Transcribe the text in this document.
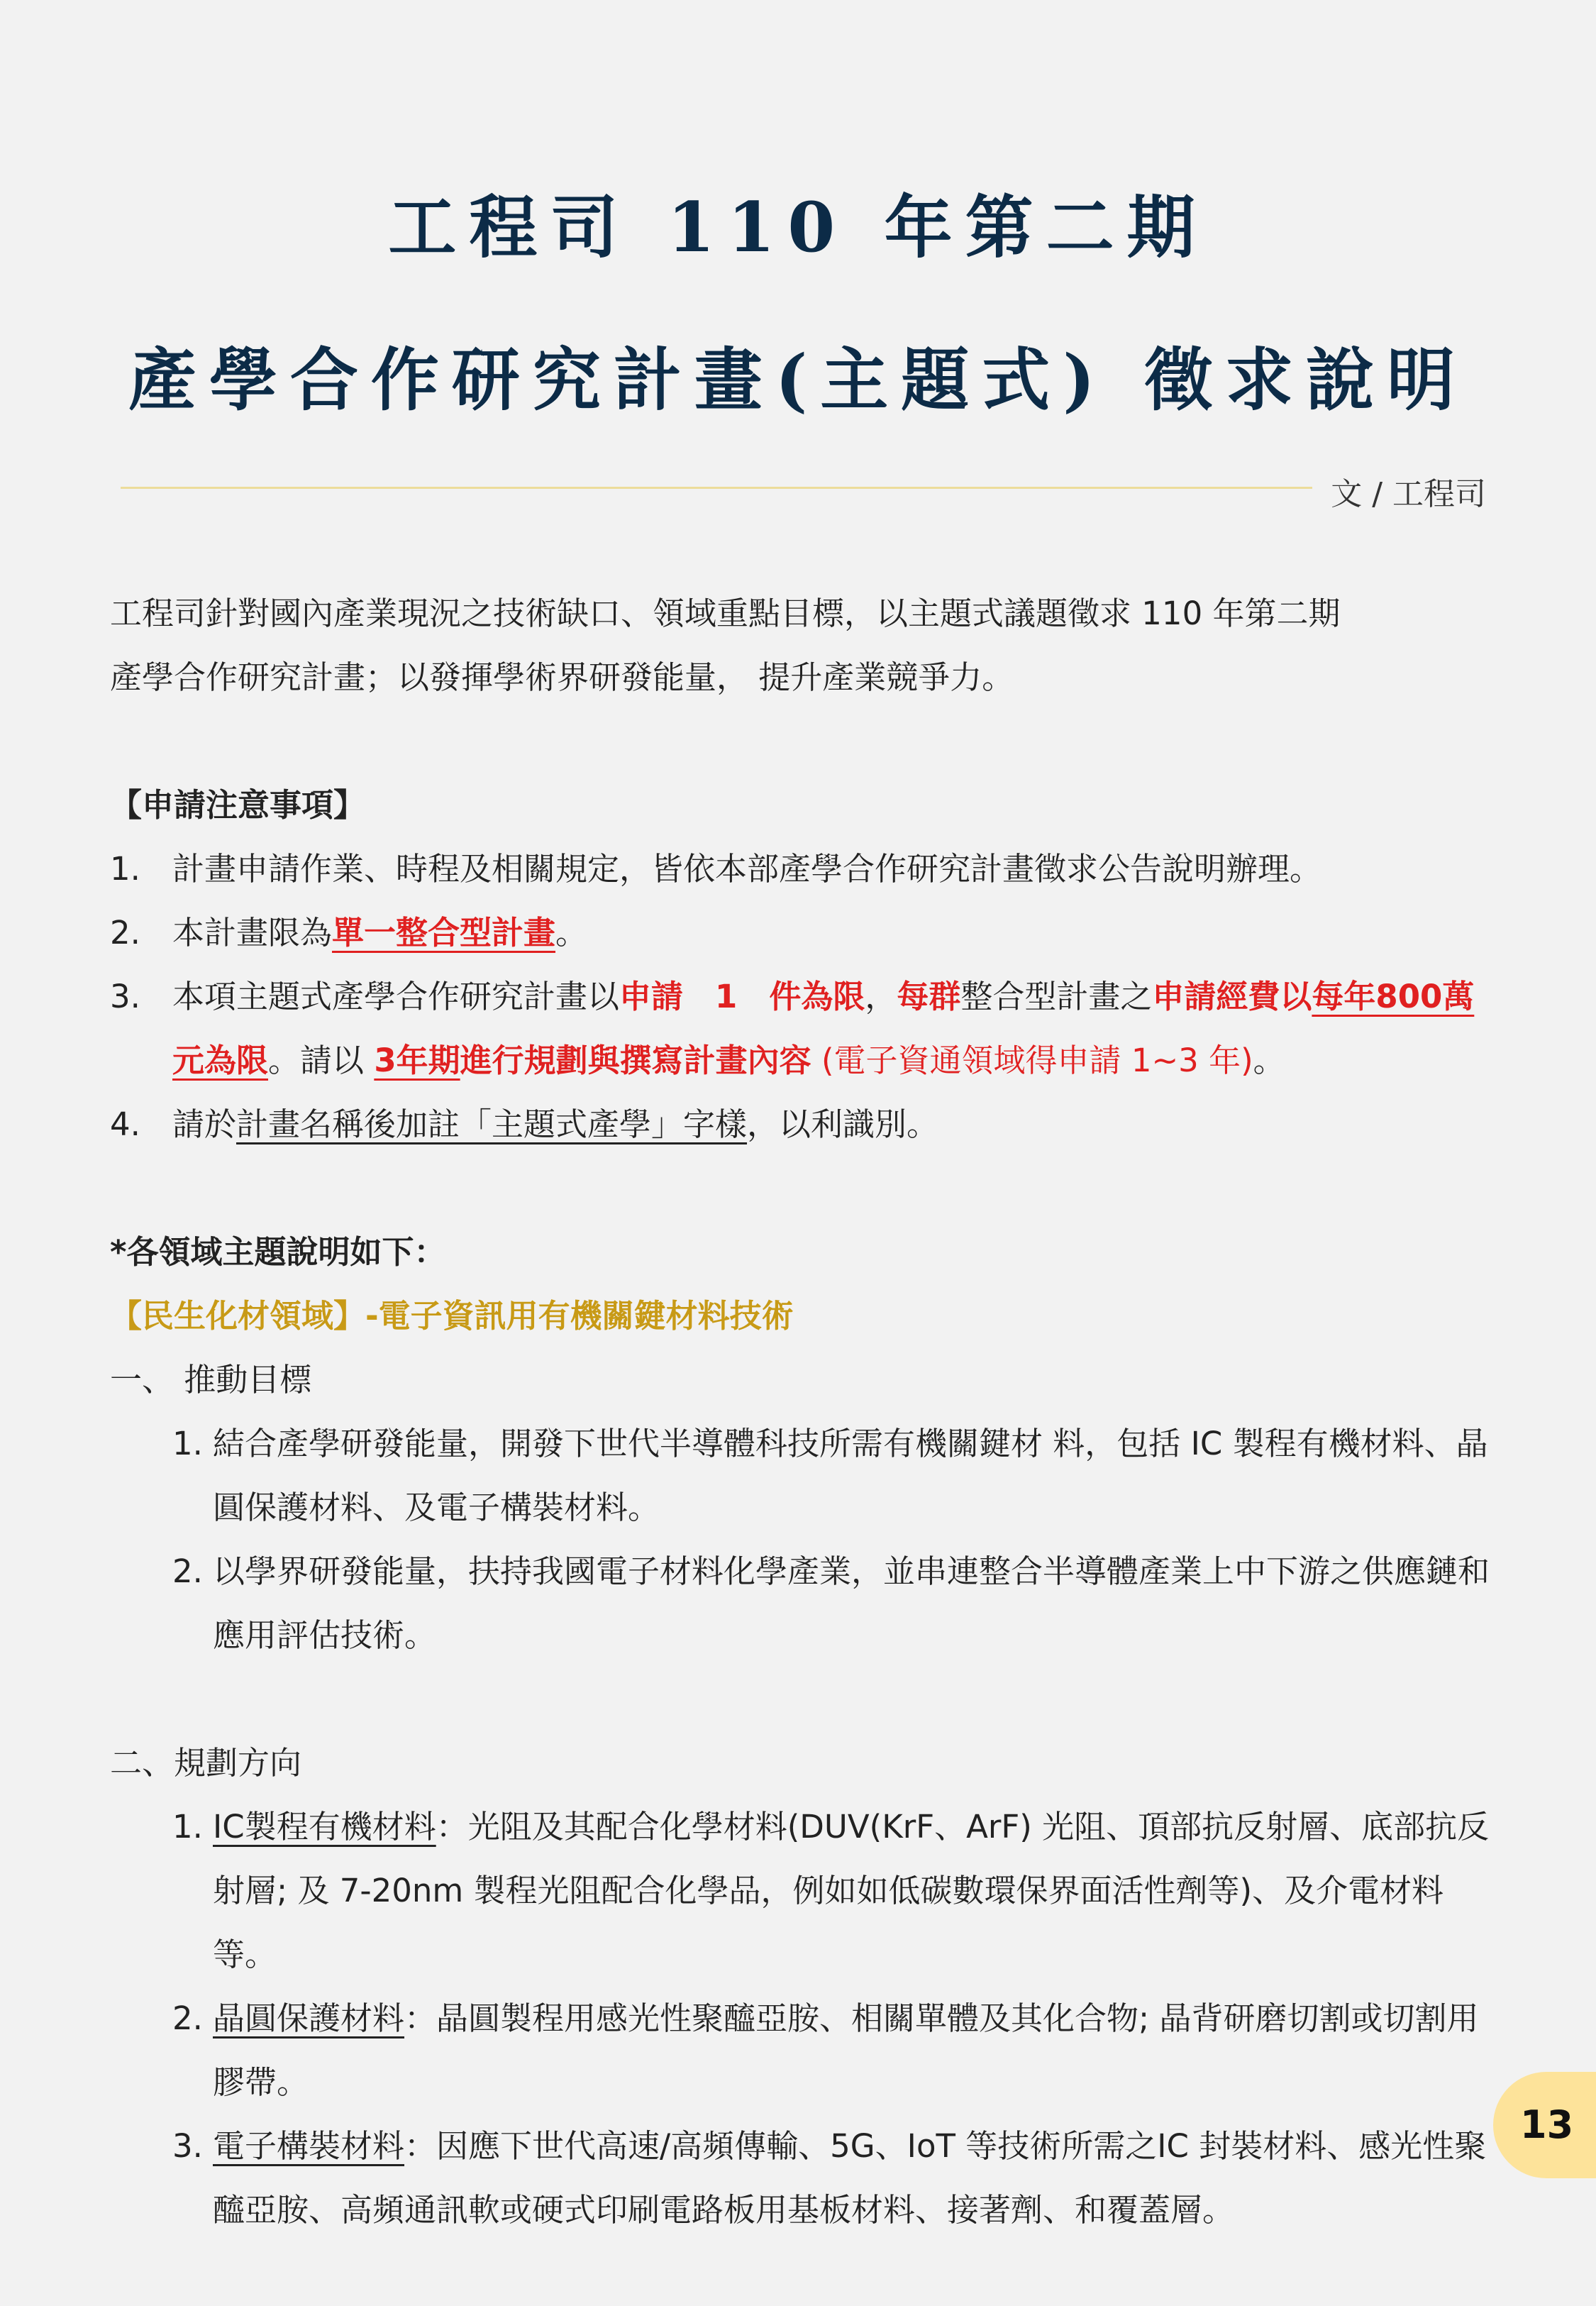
工程司 110 年第二期
產學合作研究計畫(主題式) 徵求說明
文 / 工程司

工程司針對國內產業現況之技術缺口、領域重點目標，以主題式議題徵求 110 年第二期

產學合作研究計畫；以發揮學術界研發能量， 提升產業競爭力。

【申請注意事項】

1. 計畫申請作業、時程及相關規定，皆依本部產學合作研究計畫徵求公告說明辦理。
2. 本計畫限為單一整合型計畫。
3. 本項主題式產學合作研究計畫以申請　1　件為限，每群整合型計畫之申請經費以每年800萬元為限。請以 3年期進行規劃與撰寫計畫內容 (電子資通領域得申請 1~3 年)。
4. 請於計畫名稱後加註「主題式產學」字樣，以利識別。

*各領域主題說明如下：

【民生化材領域】-電子資訊用有機關鍵材料技術

一、 推動目標

1. 結合產學研發能量，開發下世代半導體科技所需有機關鍵材 料，包括 IC 製程有機材料、晶圓保護材料、及電子構裝材料。
2. 以學界研發能量，扶持我國電子材料化學產業，並串連整合半導體產業上中下游之供應鏈和應用評估技術。

二、規劃方向

1. IC製程有機材料：光阻及其配合化學材料(DUV(KrF、ArF) 光阻、頂部抗反射層、底部抗反射層; 及 7-20nm 製程光阻配合化學品，例如如低碳數環保界面活性劑等)、及介電材料等。
2. 晶圓保護材料：晶圓製程用感光性聚醯亞胺、相關單體及其化合物; 晶背研磨切割或切割用膠帶。
3. 電子構裝材料：因應下世代高速/高頻傳輸、5G、IoT 等技術所需之IC 封裝材料、感光性聚醯亞胺、高頻通訊軟或硬式印刷電路板用基板材料、接著劑、和覆蓋層。
13
